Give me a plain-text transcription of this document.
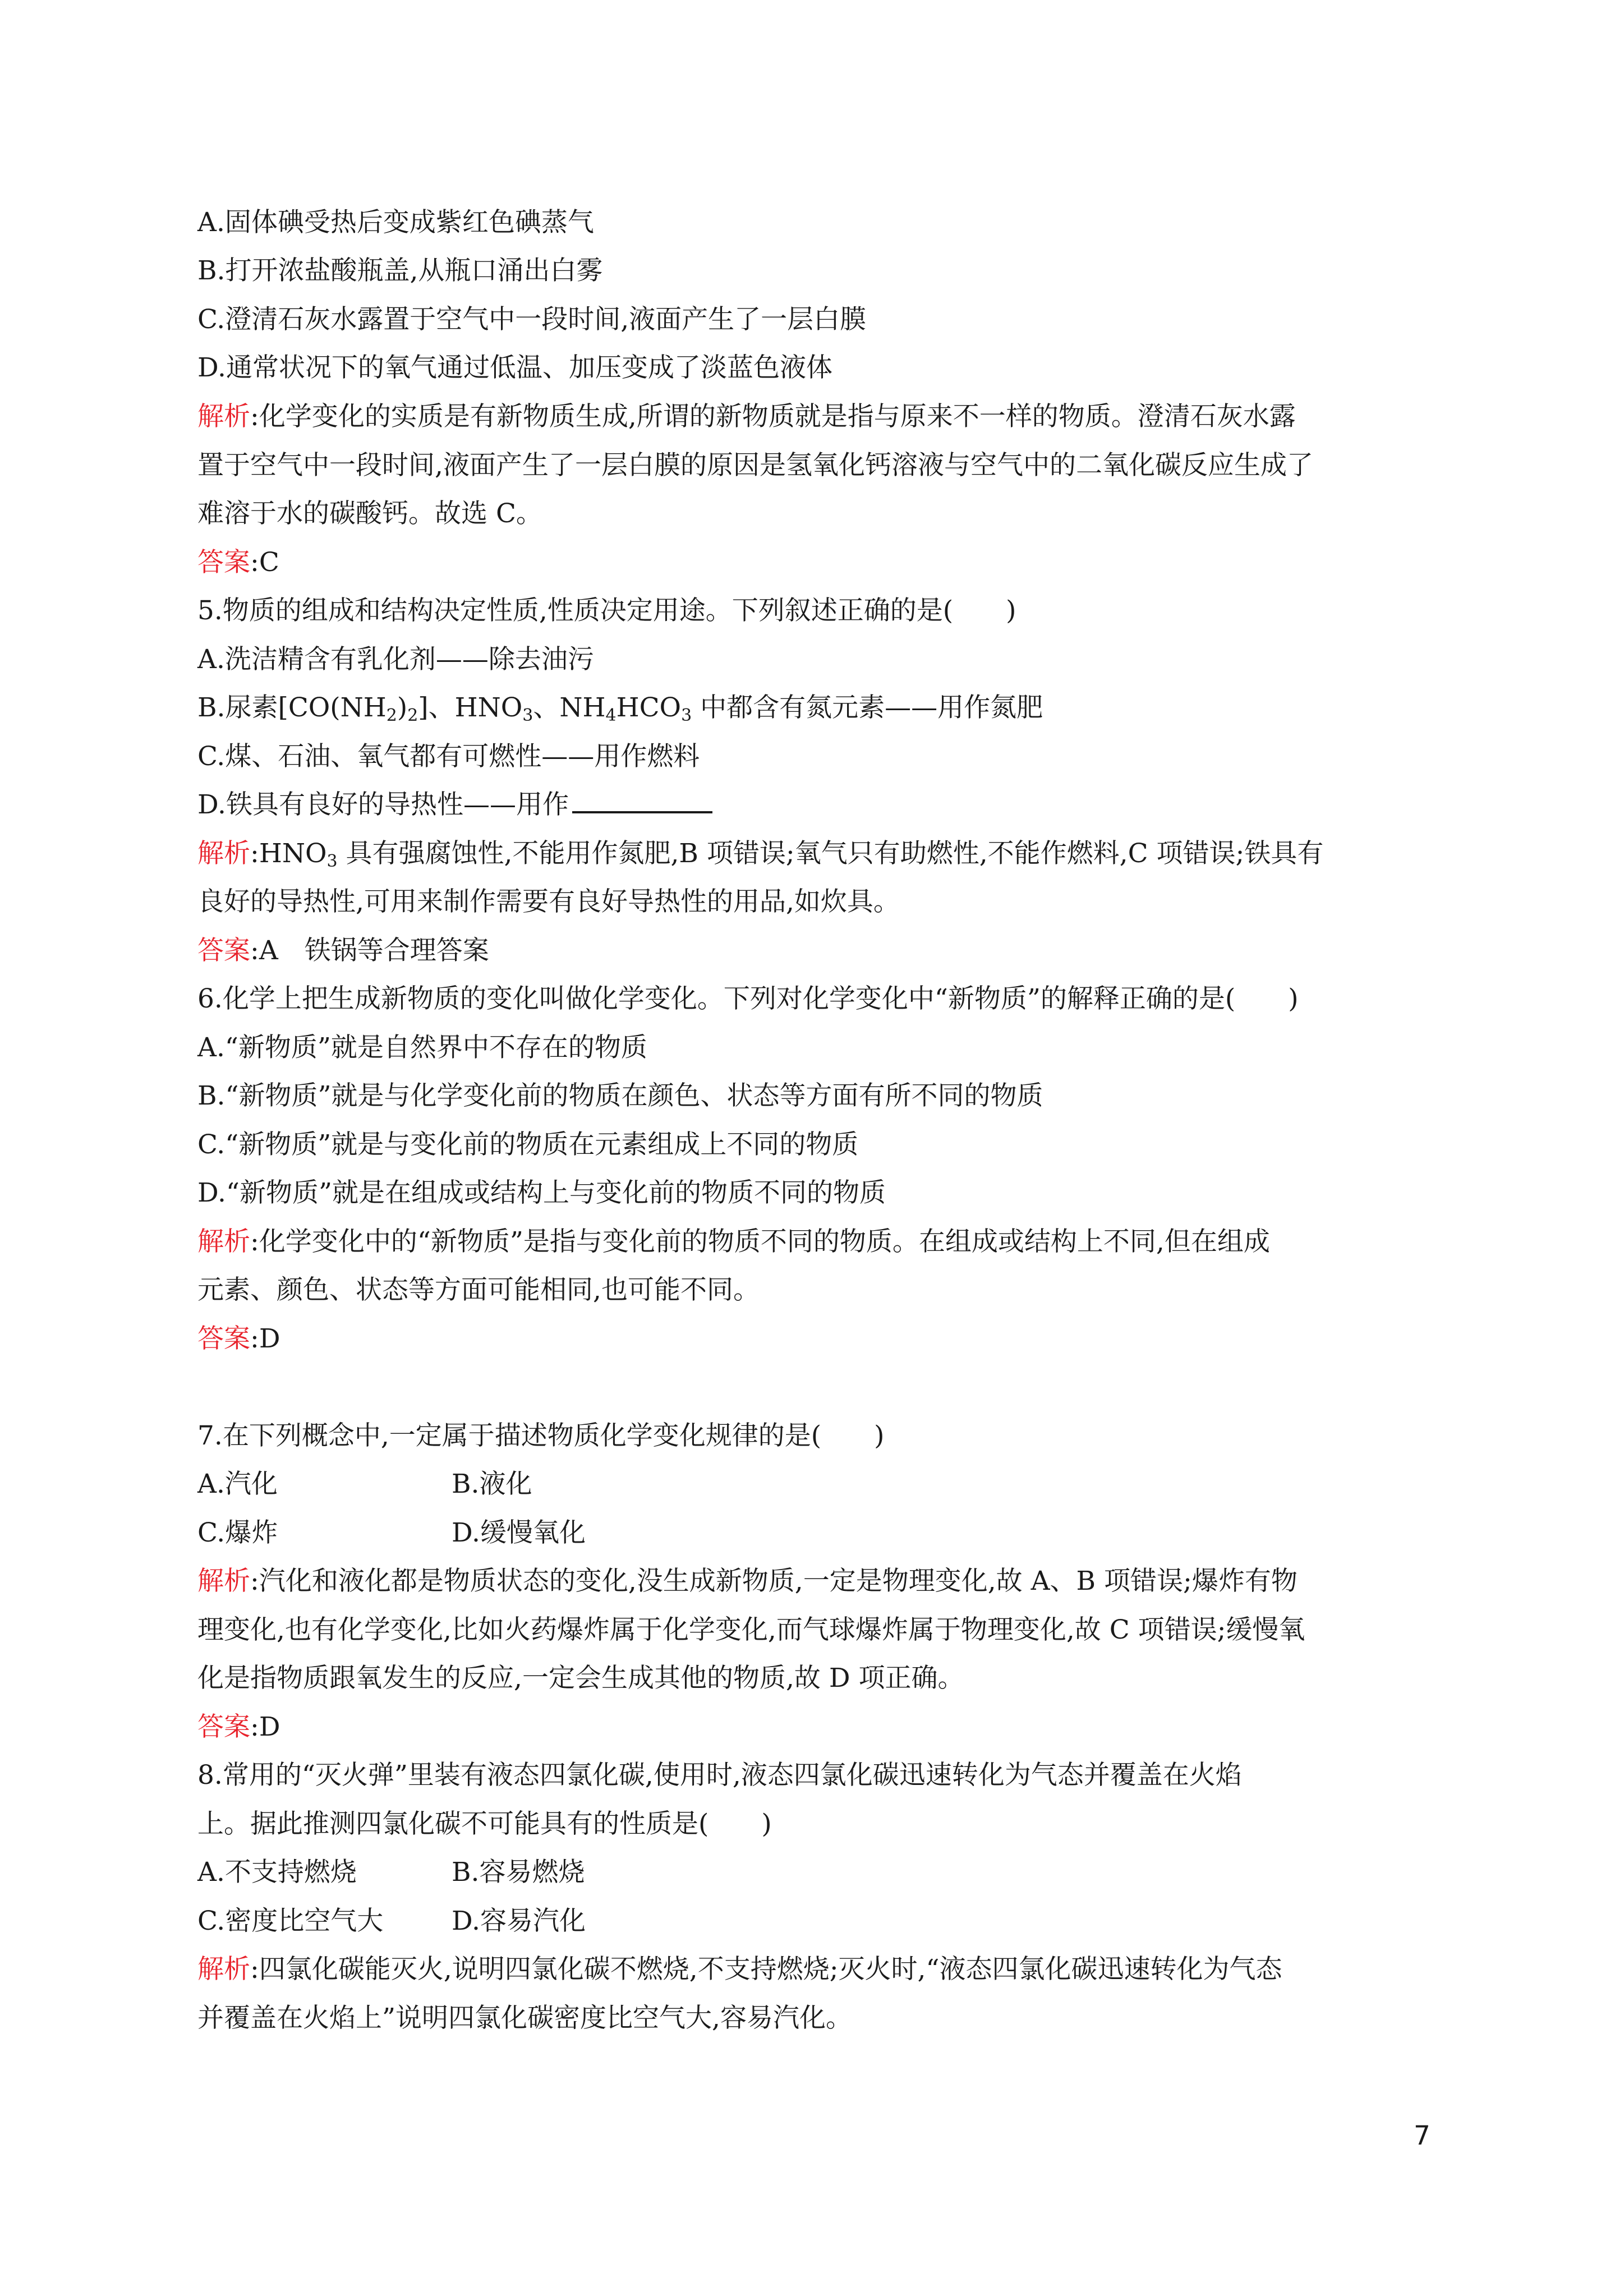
A.固体碘受热后变成紫红色碘蒸气
B.打开浓盐酸瓶盖,从瓶口涌出白雾
C.澄清石灰水露置于空气中一段时间,液面产生了一层白膜
D.通常状况下的氧气通过低温、加压变成了淡蓝色液体
解析:化学变化的实质是有新物质生成,所谓的新物质就是指与原来不一样的物质。澄清石灰水露
置于空气中一段时间,液面产生了一层白膜的原因是氢氧化钙溶液与空气中的二氧化碳反应生成了
难溶于水的碳酸钙。故选 C。
答案:C
5.物质的组成和结构决定性质,性质决定用途。下列叙述正确的是(　　)
A.洗洁精含有乳化剂——除去油污
B.尿素$[CO(NH_2)_2]$、$HNO_3$、$NH_4HCO_3$ 中都含有氮元素——用作氮肥
C.煤、石油、氧气都有可燃性——用作燃料
D.铁具有良好的导热性——用作
解析$:HNO_3$ 具有强腐蚀性,不能用作氮肥,B 项错误;氧气只有助燃性,不能作燃料,C 项错误;铁具有
良好的导热性,可用来制作需要有良好导热性的用品,如炊具。
答案:A　铁锅等合理答案
6.化学上把生成新物质的变化叫做化学变化。下列对化学变化中“新物质”的解释正确的是(　　)
A.“新物质”就是自然界中不存在的物质
B.“新物质”就是与化学变化前的物质在颜色、状态等方面有所不同的物质
C.“新物质”就是与变化前的物质在元素组成上不同的物质
D.“新物质”就是在组成或结构上与变化前的物质不同的物质
解析:化学变化中的“新物质”是指与变化前的物质不同的物质。在组成或结构上不同,但在组成
元素、颜色、状态等方面可能相同,也可能不同。
答案:D
7.在下列概念中,一定属于描述物质化学变化规律的是(　　)
A.汽化	B.液化
C.爆炸	D.缓慢氧化
解析:汽化和液化都是物质状态的变化,没生成新物质,一定是物理变化,故 A、B 项错误;爆炸有物
理变化,也有化学变化,比如火药爆炸属于化学变化,而气球爆炸属于物理变化,故 C 项错误;缓慢氧
化是指物质跟氧发生的反应,一定会生成其他的物质,故 D 项正确。
答案:D
8.常用的“灭火弹”里装有液态四氯化碳,使用时,液态四氯化碳迅速转化为气态并覆盖在火焰
上。据此推测四氯化碳不可能具有的性质是(　　)
A.不支持燃烧	B.容易燃烧
C.密度比空气大	D.容易汽化
解析:四氯化碳能灭火,说明四氯化碳不燃烧,不支持燃烧;灭火时,“液态四氯化碳迅速转化为气态
并覆盖在火焰上”说明四氯化碳密度比空气大,容易汽化。
7
